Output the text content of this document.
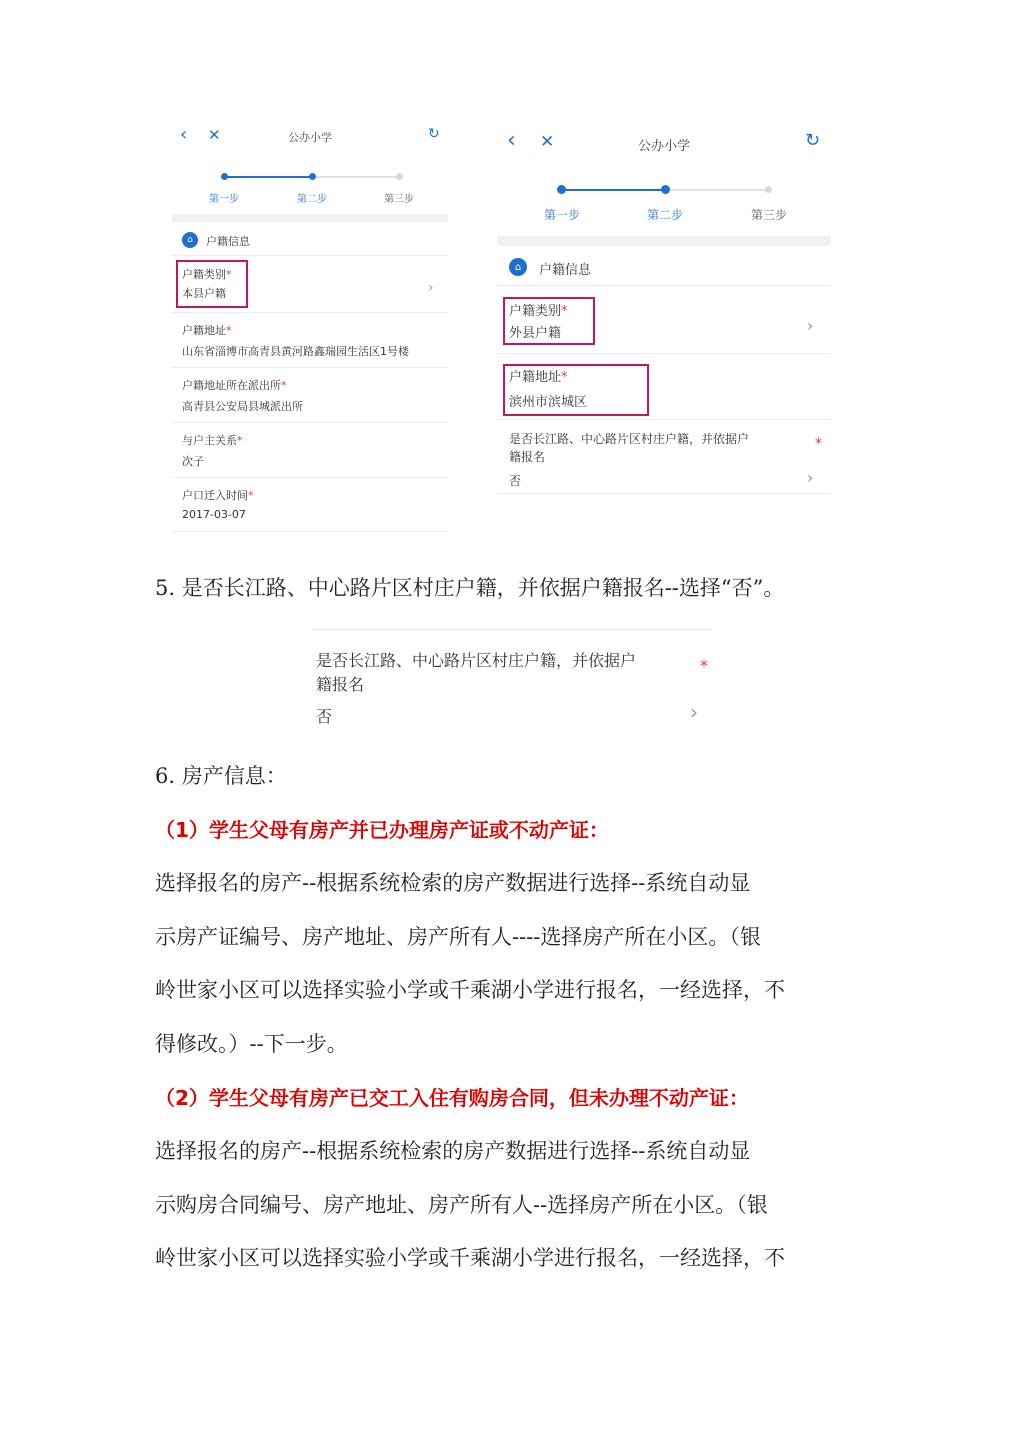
‹ ✕	公办小学	↻
第一步	第二步	第三步
⌂	户籍信息
户籍类别*
本县户籍	›
户籍地址*
山东省淄博市高青县黄河路鑫瑞园生活区1号楼
户籍地址所在派出所*
高青县公安局县城派出所
与户主关系*
次子
户口迁入时间*
2017-03-07
‹ ✕	公办小学	↻
第一步	第二步	第三步
⌂	户籍信息
户籍类别*
外县户籍	›
户籍地址*
滨州市滨城区
是否长江路、中心路片区村庄户籍，并依据户	*
籍报名
否	›
5. 是否长江路、中心路片区村庄户籍，并依据户籍报名--选择“否”。
是否长江路、中心路片区村庄户籍，并依据户	*
籍报名
否	›
6. 房产信息：
（1）学生父母有房产并已办理房产证或不动产证：
选择报名的房产--根据系统检索的房产数据进行选择--系统自动显
示房产证编号、房产地址、房产所有人----选择房产所在小区。（银
岭世家小区可以选择实验小学或千乘湖小学进行报名，一经选择，不
得修改。）--下一步。
（2）学生父母有房产已交工入住有购房合同，但未办理不动产证：
选择报名的房产--根据系统检索的房产数据进行选择--系统自动显
示购房合同编号、房产地址、房产所有人--选择房产所在小区。（银
岭世家小区可以选择实验小学或千乘湖小学进行报名，一经选择，不
